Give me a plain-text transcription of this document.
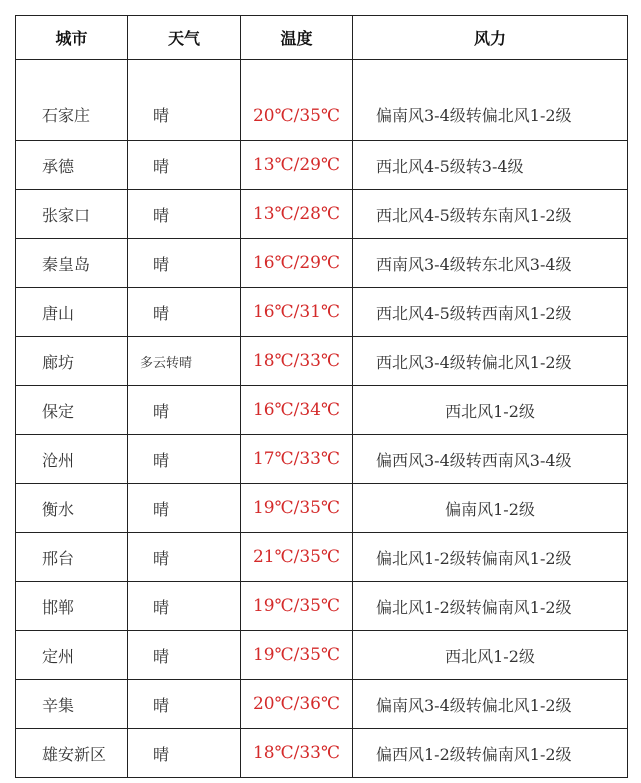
城市	天气	温度	风力
石家庄	晴	20℃/35℃	偏南风3-4级转偏北风1-2级
承德	晴	13℃/29℃	西北风4-5级转3-4级
张家口	晴	13℃/28℃	西北风4-5级转东南风1-2级
秦皇岛	晴	16℃/29℃	西南风3-4级转东北风3-4级
唐山	晴	16℃/31℃	西北风4-5级转西南风1-2级
廊坊	多云转晴	18℃/33℃	西北风3-4级转偏北风1-2级
保定	晴	16℃/34℃	西北风1-2级
沧州	晴	17℃/33℃	偏西风3-4级转西南风3-4级
衡水	晴	19℃/35℃	偏南风1-2级
邢台	晴	21℃/35℃	偏北风1-2级转偏南风1-2级
邯郸	晴	19℃/35℃	偏北风1-2级转偏南风1-2级
定州	晴	19℃/35℃	西北风1-2级
辛集	晴	20℃/36℃	偏南风3-4级转偏北风1-2级
雄安新区	晴	18℃/33℃	偏西风1-2级转偏南风1-2级
